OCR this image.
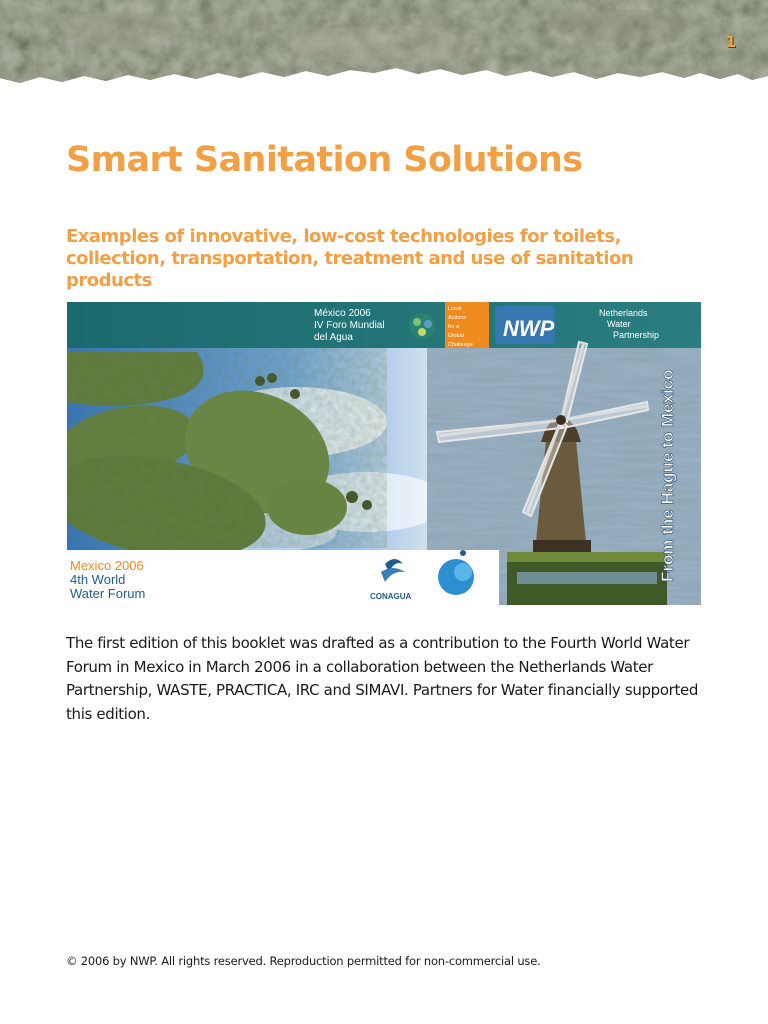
1
Smart Sanitation Solutions
Examples of innovative, low-cost technologies for toilets, collection, transportation, treatment and use of sanitation products
México 2006
IV Foro Mundial
del Agua
Local
Actions
for a
Global
Challenge
NWP
Netherlands
Water
Partnership
From the Hague to Mexico
Mexico 2006
4th World
Water Forum	CONAGUA

The first edition of this booklet was drafted as a contribution to the Fourth World Water Forum in Mexico in March 2006 in a collaboration between the Netherlands Water Partnership, WASTE, PRACTICA, IRC and SIMAVI. Partners for Water financially supported this edition.

© 2006 by NWP. All rights reserved. Reproduction permitted for non-commercial use.
